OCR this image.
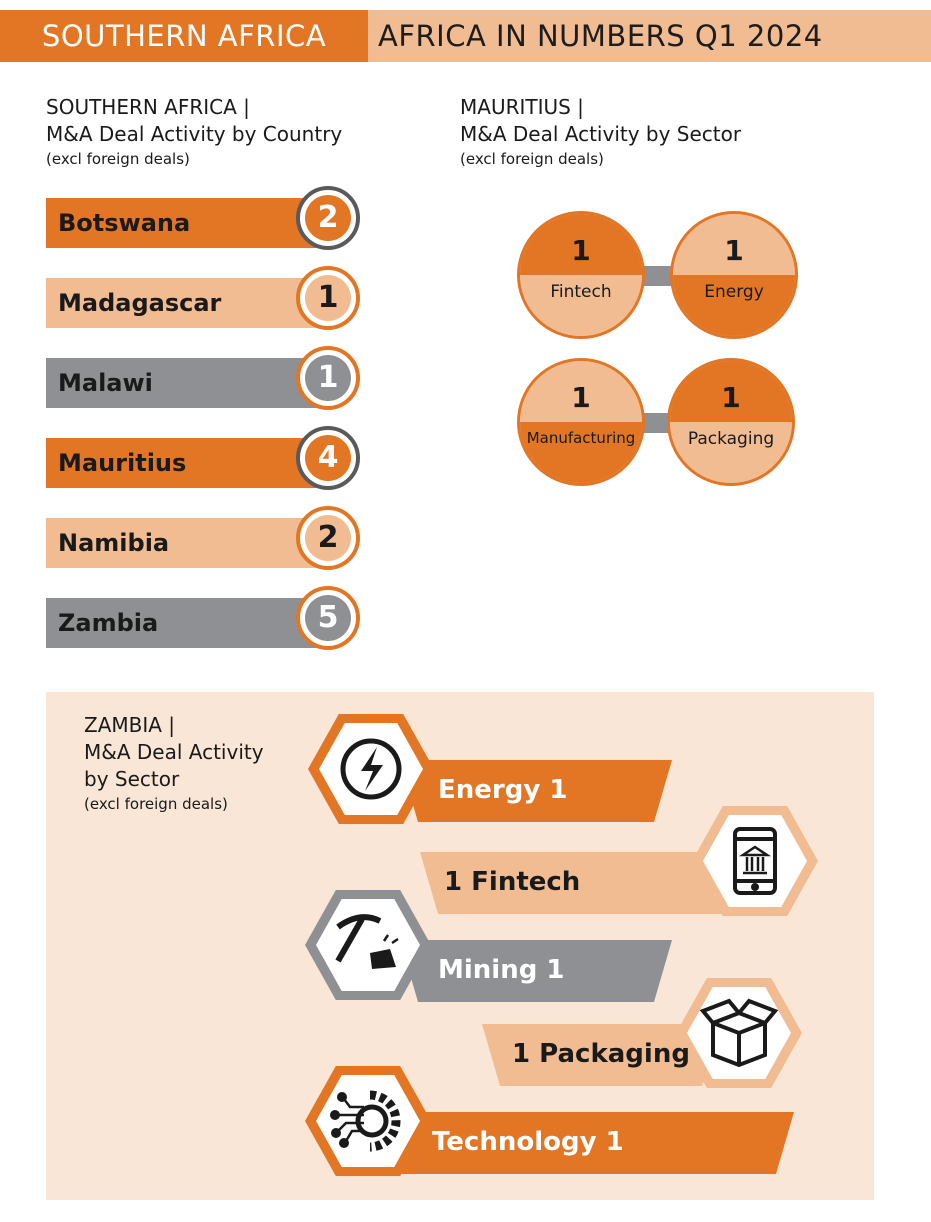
SOUTHERN AFRICA	AFRICA IN NUMBERS Q1 2024
SOUTHERN AFRICA |
M&A Deal Activity by Country
(excl foreign deals)
MAURITIUS |
M&A Deal Activity by Sector
(excl foreign deals)
Botswana	2
Madagascar	1
Malawi	1
Mauritius	4
Namibia	2
Zambia	5
1
Fintech
1
Energy
1
Manufacturing
1
Packaging
ZAMBIA |
M&A Deal Activity
by Sector
(excl foreign deals)	Energy 1
1 Fintech
Mining 1
1 Packaging
Technology 1
